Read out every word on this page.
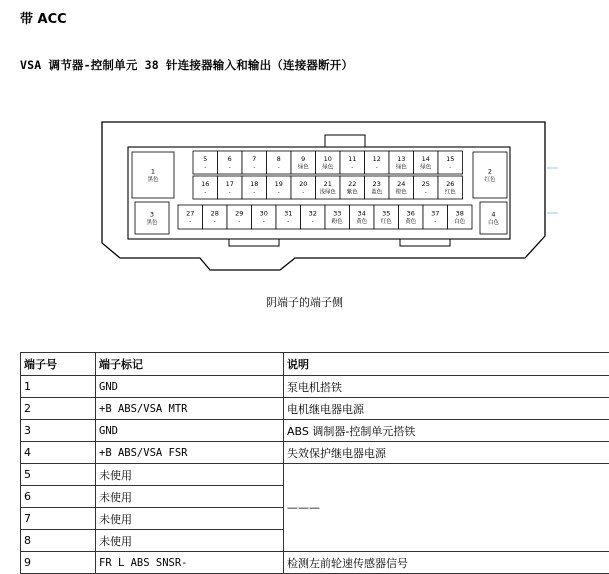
带 ACC
VSA 调节器-控制单元 38 针连接器输入和输出（连接器断开）
1
黑色
2
红色
3
黑色
4
白色
5
-
6
-
7
-
8
-
9
绿色
10
绿色
11
-
12
-
13
绿色
14
绿色
15
-
16
-
17
-
18
-
19
-
20
-
21
浅绿色
22
紫色
23
蓝色
24
橙色
25
-
26
红色
27
-
28
-
29
-
30
-
31
-
32
-
33
粉色
34
黄色
35
红色
36
黄色
37
-
38
白色
阴端子的端子侧
端子号	端子标记	说明
1	GND	泵电机搭铁
2	+B ABS/VSA MTR	电机继电器电源
3	GND	ABS 调制器-控制单元搭铁
4	+B ABS/VSA FSR	失效保护继电器电源
5	未使用	———
6	未使用	
7	未使用	
8	未使用	
9	FR L ABS SNSR-	检测左前轮速传感器信号
